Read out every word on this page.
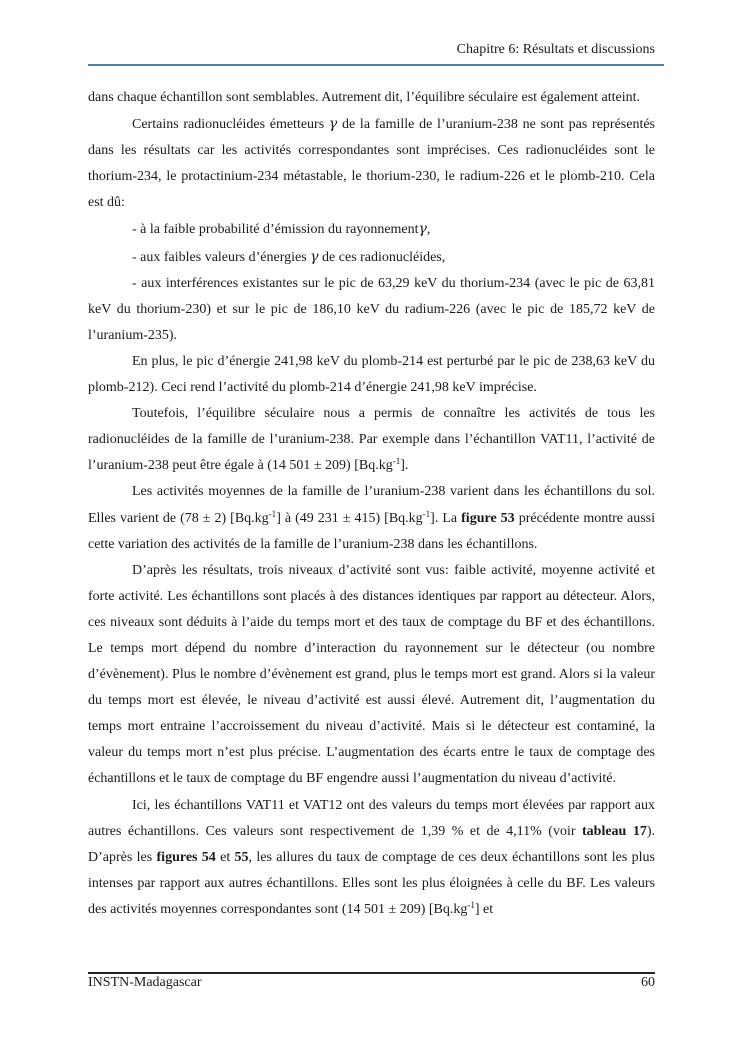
Chapitre 6: Résultats et discussions

dans chaque échantillon sont semblables. Autrement dit, l’équilibre séculaire est également atteint.

Certains radionucléides émetteurs γ de la famille de l’uranium-238 ne sont pas représentés dans les résultats car les activités correspondantes sont imprécises. Ces radionucléides sont le thorium-234, le protactinium-234 métastable, le thorium-230, le radium-226 et le plomb-210. Cela est dû:

- à la faible probabilité d’émission du rayonnementγ,

- aux faibles valeurs d’énergies γ de ces radionucléides,

- aux interférences existantes sur le pic de 63,29 keV du thorium-234 (avec le pic de 63,81 keV du thorium-230) et sur le pic de 186,10 keV du radium-226 (avec le pic de 185,72 keV de l’uranium-235).

En plus, le pic d’énergie 241,98 keV du plomb-214 est perturbé par le pic de 238,63 keV du plomb-212). Ceci rend l’activité du plomb-214 d’énergie 241,98 keV imprécise.

Toutefois, l’équilibre séculaire nous a permis de connaître les activités de tous les radionucléides de la famille de l’uranium-238. Par exemple dans l’échantillon VAT11, l’activité de l’uranium-238 peut être égale à (14 501 ± 209) $[Bq.kg^{-1}]$.

Les activités moyennes de la famille de l’uranium-238 varient dans les échantillons du sol. Elles varient de (78 ± 2) $[Bq.kg^{-1}]$ à (49 231 ± 415) $[Bq.kg^{-1}]$. La figure 53 précédente montre aussi cette variation des activités de la famille de l’uranium-238 dans les échantillons.

D’après les résultats, trois niveaux d’activité sont vus: faible activité, moyenne activité et forte activité. Les échantillons sont placés à des distances identiques par rapport au détecteur. Alors, ces niveaux sont déduits à l’aide du temps mort et des taux de comptage du BF et des échantillons. Le temps mort dépend du nombre d’interaction du rayonnement sur le détecteur (ou nombre d’évènement). Plus le nombre d’évènement est grand, plus le temps mort est grand. Alors si la valeur du temps mort est élevée, le niveau d’activité est aussi élevé. Autrement dit, l’augmentation du temps mort entraine l’accroissement du niveau d’activité. Mais si le détecteur est contaminé, la valeur du temps mort n’est plus précise. L’augmentation des écarts entre le taux de comptage des échantillons et le taux de comptage du BF engendre aussi l’augmentation du niveau d’activité.

Ici, les échantillons VAT11 et VAT12 ont des valeurs du temps mort élevées par rapport aux autres échantillons. Ces valeurs sont respectivement de 1,39 % et de 4,11% (voir tableau 17). D’après les figures 54 et 55, les allures du taux de comptage de ces deux échantillons sont les plus intenses par rapport aux autres échantillons. Elles sont les plus éloignées à celle du BF. Les valeurs des activités moyennes correspondantes sont (14 501 ± 209) $[Bq.kg^{-1}]$ et

INSTN-Madagascar	60
